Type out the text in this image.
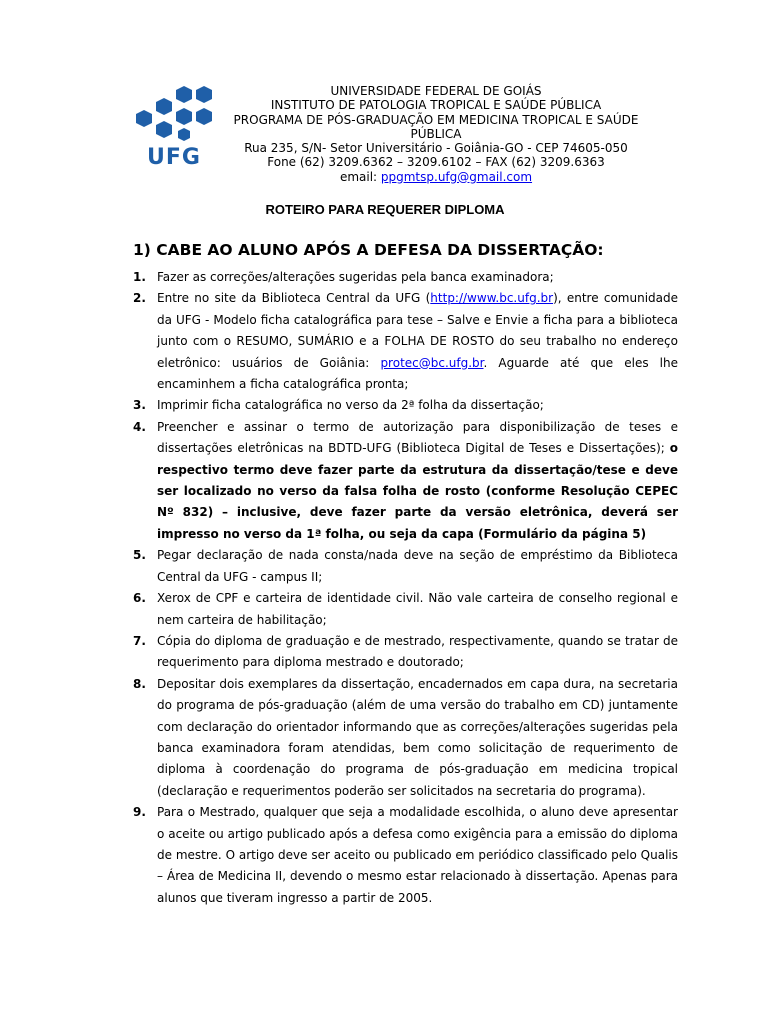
UFG
UNIVERSIDADE FEDERAL DE GOIÁS
INSTITUTO DE PATOLOGIA TROPICAL E SAÚDE PÚBLICA
PROGRAMA DE PÓS-GRADUAÇÃO EM MEDICINA TROPICAL E SAÚDE PÚBLICA
Rua 235, S/N- Setor Universitário - Goiânia-GO - CEP 74605-050
Fone (62) 3209.6362 – 3209.6102 – FAX (62) 3209.6363
email: ppgmtsp.ufg@gmail.com
ROTEIRO PARA REQUERER DIPLOMA
1) CABE AO ALUNO APÓS A DEFESA DA DISSERTAÇÃO:
1. Fazer as correções/alterações sugeridas pela banca examinadora;
2. Entre no site da Biblioteca Central da UFG (http://www.bc.ufg.br), entre comunidade da UFG - Modelo ficha catalográfica para tese – Salve e Envie a ficha para a biblioteca junto com o RESUMO, SUMÁRIO e a FOLHA DE ROSTO do seu trabalho no endereço eletrônico: usuários de Goiânia: protec@bc.ufg.br. Aguarde até que eles lhe encaminhem a ficha catalográfica pronta;
3. Imprimir ficha catalográfica no verso da 2ª folha da dissertação;
4. Preencher e assinar o termo de autorização para disponibilização de teses e dissertações eletrônicas na BDTD-UFG (Biblioteca Digital de Teses e Dissertações); o respectivo termo deve fazer parte da estrutura da dissertação/tese e deve ser localizado no verso da falsa folha de rosto (conforme Resolução CEPEC Nº 832) – inclusive, deve fazer parte da versão eletrônica, deverá ser impresso no verso da 1ª folha, ou seja da capa (Formulário da página 5)
5. Pegar declaração de nada consta/nada deve na seção de empréstimo da Biblioteca Central da UFG - campus II;
6. Xerox de CPF e carteira de identidade civil. Não vale carteira de conselho regional e nem carteira de habilitação;
7. Cópia do diploma de graduação e de mestrado, respectivamente, quando se tratar de requerimento para diploma mestrado e doutorado;
8. Depositar dois exemplares da dissertação, encadernados em capa dura, na secretaria do programa de pós-graduação (além de uma versão do trabalho em CD) juntamente com declaração do orientador informando que as correções/alterações sugeridas pela banca examinadora foram atendidas, bem como solicitação de requerimento de diploma à coordenação do programa de pós-graduação em medicina tropical (declaração e requerimentos poderão ser solicitados na secretaria do programa).
9. Para o Mestrado, qualquer que seja a modalidade escolhida, o aluno deve apresentar o aceite ou artigo publicado após a defesa como exigência para a emissão do diploma de mestre. O artigo deve ser aceito ou publicado em periódico classificado pelo Qualis – Área de Medicina II, devendo o mesmo estar relacionado à dissertação. Apenas para alunos que tiveram ingresso a partir de 2005.
